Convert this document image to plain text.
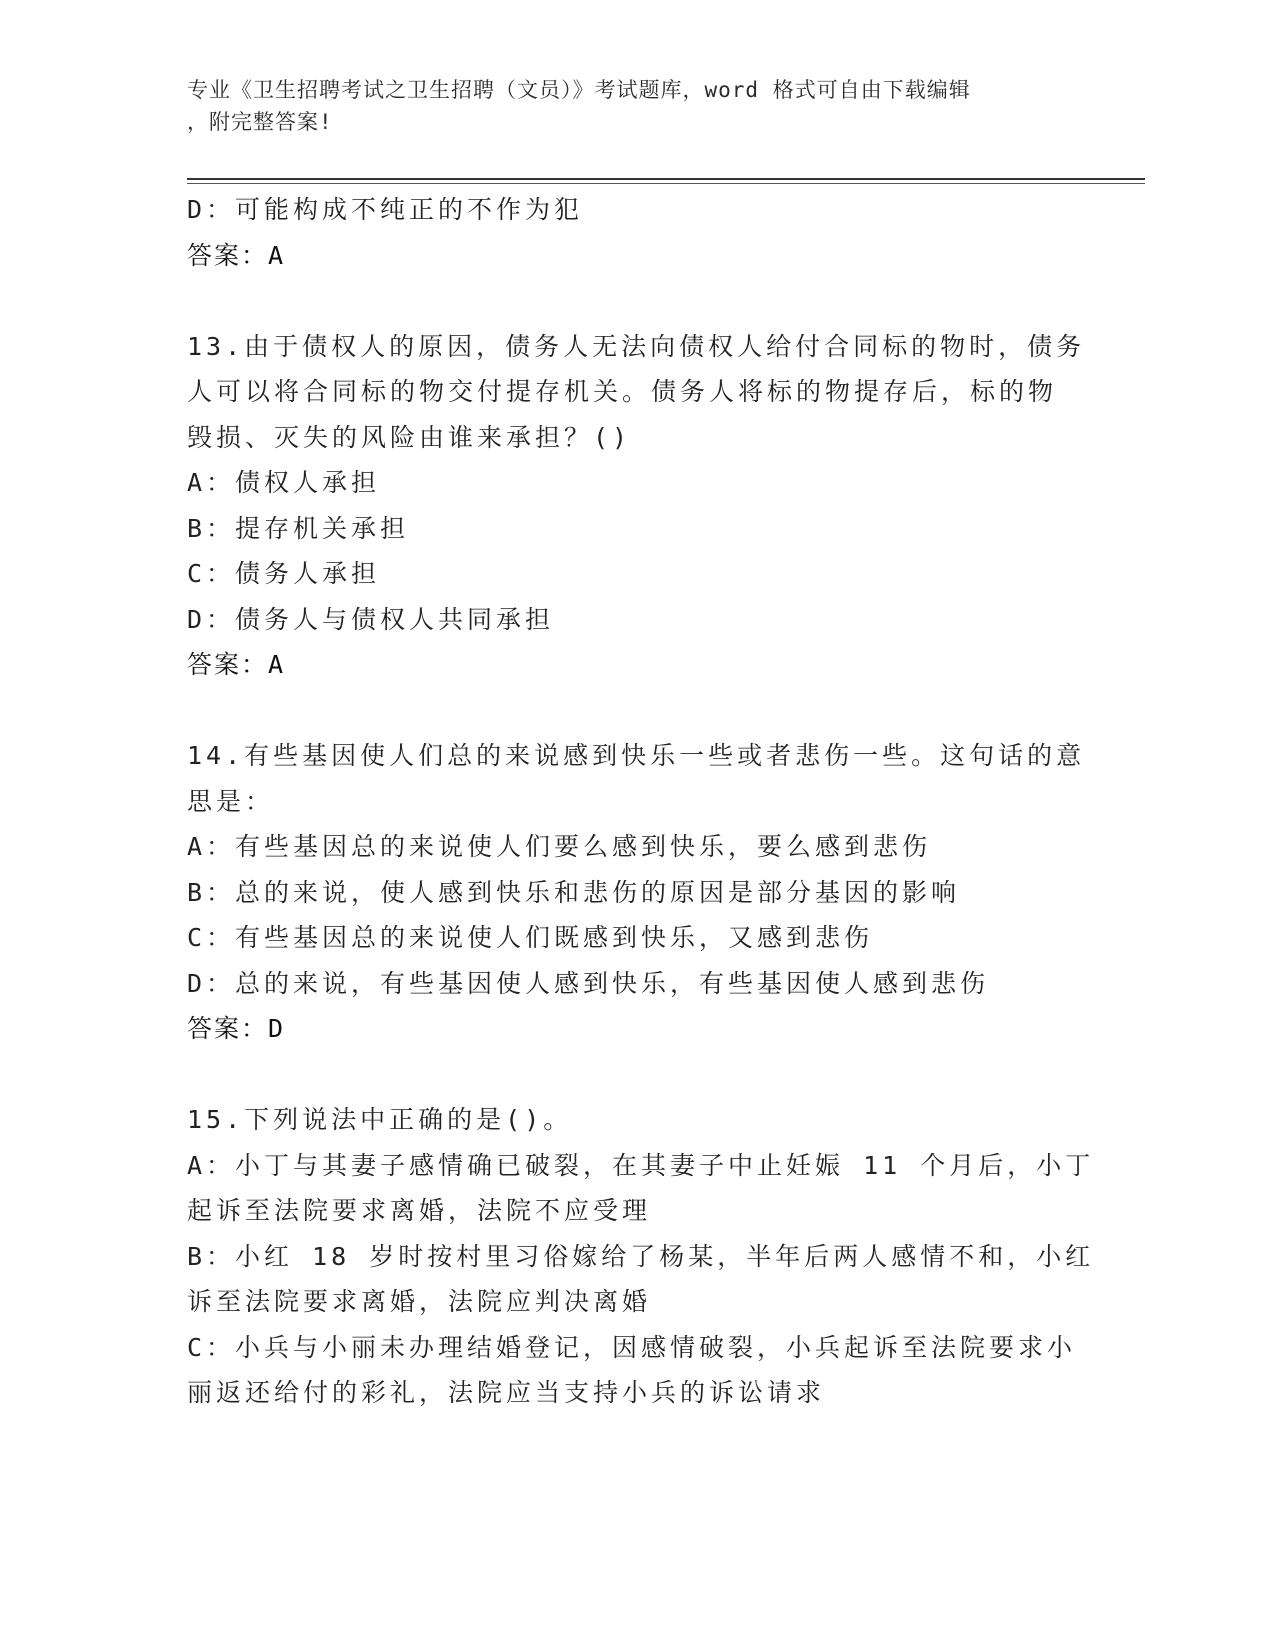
专业《卫生招聘考试之卫生招聘（文员）》考试题库，word 格式可自由下载编辑
，附完整答案!
D：可能构成不纯正的不作为犯
答案：A
13.由于债权人的原因，债务人无法向债权人给付合同标的物时，债务
人可以将合同标的物交付提存机关。债务人将标的物提存后，标的物
毁损、灭失的风险由谁来承担？()
A：债权人承担
B：提存机关承担
C：债务人承担
D：债务人与债权人共同承担
答案：A
14.有些基因使人们总的来说感到快乐一些或者悲伤一些。这句话的意
思是：
A：有些基因总的来说使人们要么感到快乐，要么感到悲伤
B：总的来说，使人感到快乐和悲伤的原因是部分基因的影响
C：有些基因总的来说使人们既感到快乐，又感到悲伤
D：总的来说，有些基因使人感到快乐，有些基因使人感到悲伤
答案：D
15.下列说法中正确的是()。
A：小丁与其妻子感情确已破裂，在其妻子中止妊娠 11 个月后，小丁
起诉至法院要求离婚，法院不应受理
B：小红 18 岁时按村里习俗嫁给了杨某，半年后两人感情不和，小红
诉至法院要求离婚，法院应判决离婚
C：小兵与小丽未办理结婚登记，因感情破裂，小兵起诉至法院要求小
丽返还给付的彩礼，法院应当支持小兵的诉讼请求
